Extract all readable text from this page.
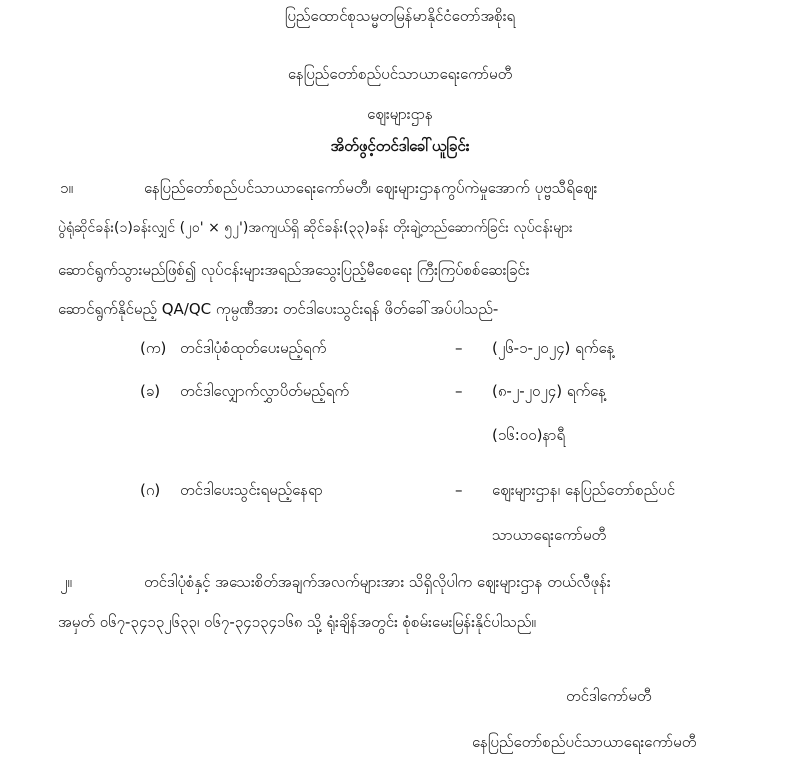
ပြည်ထောင်စုသမ္မတမြန်မာနိုင်ငံတော်အစိုးရ
နေပြည်တော်စည်ပင်သာယာရေးကော်မတီ
ဈေးများဌာန
အိတ်ဖွင့်တင်ဒါခေါ်ယူခြင်း
၁။	နေပြည်တော်စည်ပင်သာယာရေးကော်မတီ၊ ဈေးများဌာနကွပ်ကဲမှုအောက် ပုဗ္ဗသီရိဈေး
ပွဲရုံဆိုင်ခန်း(၁)ခန်းလျှင် (၂၀' × ၅၂')အကျယ်ရှိ ဆိုင်ခန်း(၃၃)ခန်း တိုးချဲ့တည်ဆောက်ခြင်း လုပ်ငန်းများ
ဆောင်ရွက်သွားမည်ဖြစ်၍ လုပ်ငန်းများအရည်အသွေးပြည့်မီစေရေး ကြီးကြပ်စစ်ဆေးခြင်း
ဆောင်ရွက်နိုင်မည့် QA/QC ကုမ္ပဏီအား တင်ဒါပေးသွင်းရန် ဖိတ်ခေါ်အပ်ပါသည်-
(က) တင်ဒါပုံစံထုတ်ပေးမည့်ရက်	– (၂၆-၁-၂၀၂၄) ရက်နေ့
(ခ) တင်ဒါလျှောက်လွှာပိတ်မည့်ရက်	– (၈-၂-၂၀၂၄) ရက်နေ့
(၁၆:၀၀)နာရီ
(ဂ) တင်ဒါပေးသွင်းရမည့်နေရာ	– ဈေးများဌာန၊ နေပြည်တော်စည်ပင်
သာယာရေးကော်မတီ
၂။	တင်ဒါပုံစံနှင့် အသေးစိတ်အချက်အလက်များအား သိရှိလိုပါက ဈေးများဌာန တယ်လီဖုန်း
အမှတ် ၀၆၇-၃၄၁၃၂၆၃၃၊ ၀၆၇-၃၄၁၃၄၁၆၈ သို့ ရုံးချိန်အတွင်း စုံစမ်းမေးမြန်းနိုင်ပါသည်။
တင်ဒါကော်မတီ
နေပြည်တော်စည်ပင်သာယာရေးကော်မတီ
